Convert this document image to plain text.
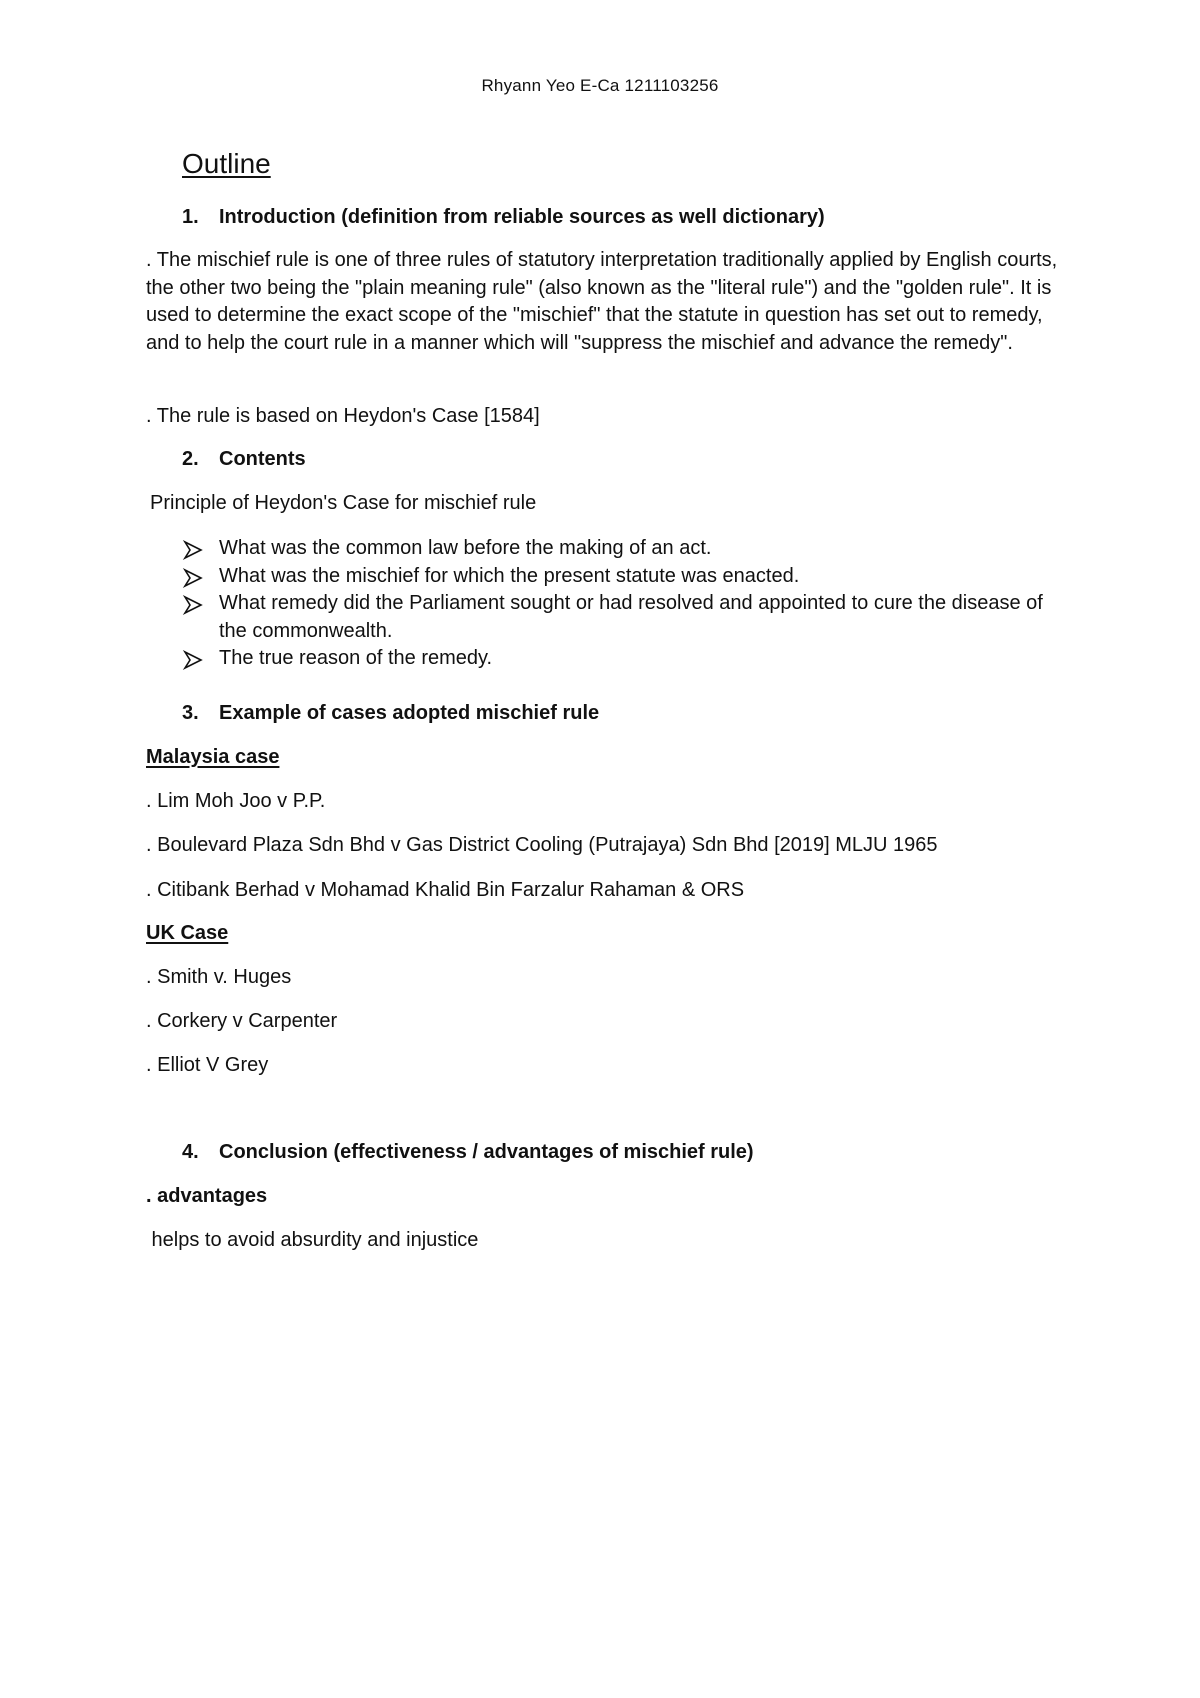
Rhyann Yeo E-Ca 1211103256
Outline
1. Introduction (definition from reliable sources as well dictionary)
. The mischief rule is one of three rules of statutory interpretation traditionally applied by English courts, the other two being the "plain meaning rule" (also known as the "literal rule") and the "golden rule". It is used to determine the exact scope of the "mischief" that the statute in question has set out to remedy, and to help the court rule in a manner which will "suppress the mischief and advance the remedy".
. The rule is based on Heydon's Case [1584]
2. Contents
Principle of Heydon's Case for mischief rule
What was the common law before the making of an act.
What was the mischief for which the present statute was enacted.
What remedy did the Parliament sought or had resolved and appointed to cure the disease of the commonwealth.
The true reason of the remedy.
3. Example of cases adopted mischief rule
Malaysia case
. Lim Moh Joo v P.P.
. Boulevard Plaza Sdn Bhd v Gas District Cooling (Putrajaya) Sdn Bhd [2019] MLJU 1965
. Citibank Berhad v Mohamad Khalid Bin Farzalur Rahaman & ORS
UK Case
. Smith v. Huges
. Corkery v Carpenter
. Elliot V Grey
4. Conclusion (effectiveness / advantages of mischief rule)
. advantages
helps to avoid absurdity and injustice
